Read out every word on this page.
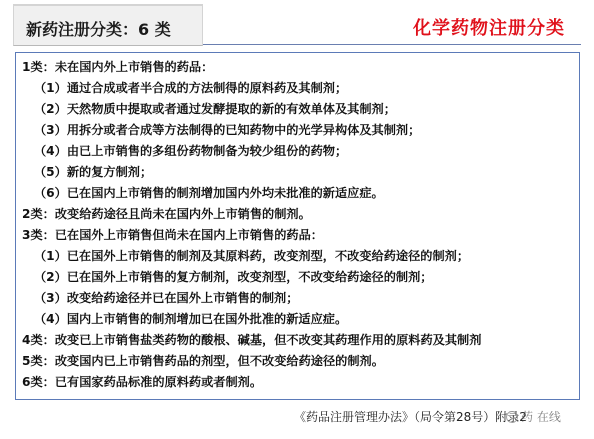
新药注册分类：6 类	化学药物注册分类
1类：未在国内外上市销售的药品：
（1）通过合成或者半合成的方法制得的原料药及其制剂；
（2）天然物质中提取或者通过发酵提取的新的有效单体及其制剂；
（3）用拆分或者合成等方法制得的已知药物中的光学异构体及其制剂；
（4）由已上市销售的多组份药物制备为较少组份的药物；
（5）新的复方制剂；
（6）已在国内上市销售的制剂增加国内外均未批准的新适应症。
2类：改变给药途径且尚未在国内外上市销售的制剂。
3类：已在国外上市销售但尚未在国内上市销售的药品：
（1）已在国外上市销售的制剂及其原料药，改变剂型，不改变给药途径的制剂；
（2）已在国外上市销售的复方制剂，改变剂型，不改变给药途径的制剂；
（3）改变给药途径并已在国外上市销售的制剂；
（4）国内上市销售的制剂增加已在国外批准的新适应症。
4类：改变已上市销售盐类药物的酸根、碱基，但不改变其药理作用的原料药及其制剂
5类：改变国内已上市销售药品的剂型，但不改变给药途径的制剂。
6类：已有国家药品标准的原料药或者制剂。
《药品注册管理办法》（局令第28号）附录2
药 在线
